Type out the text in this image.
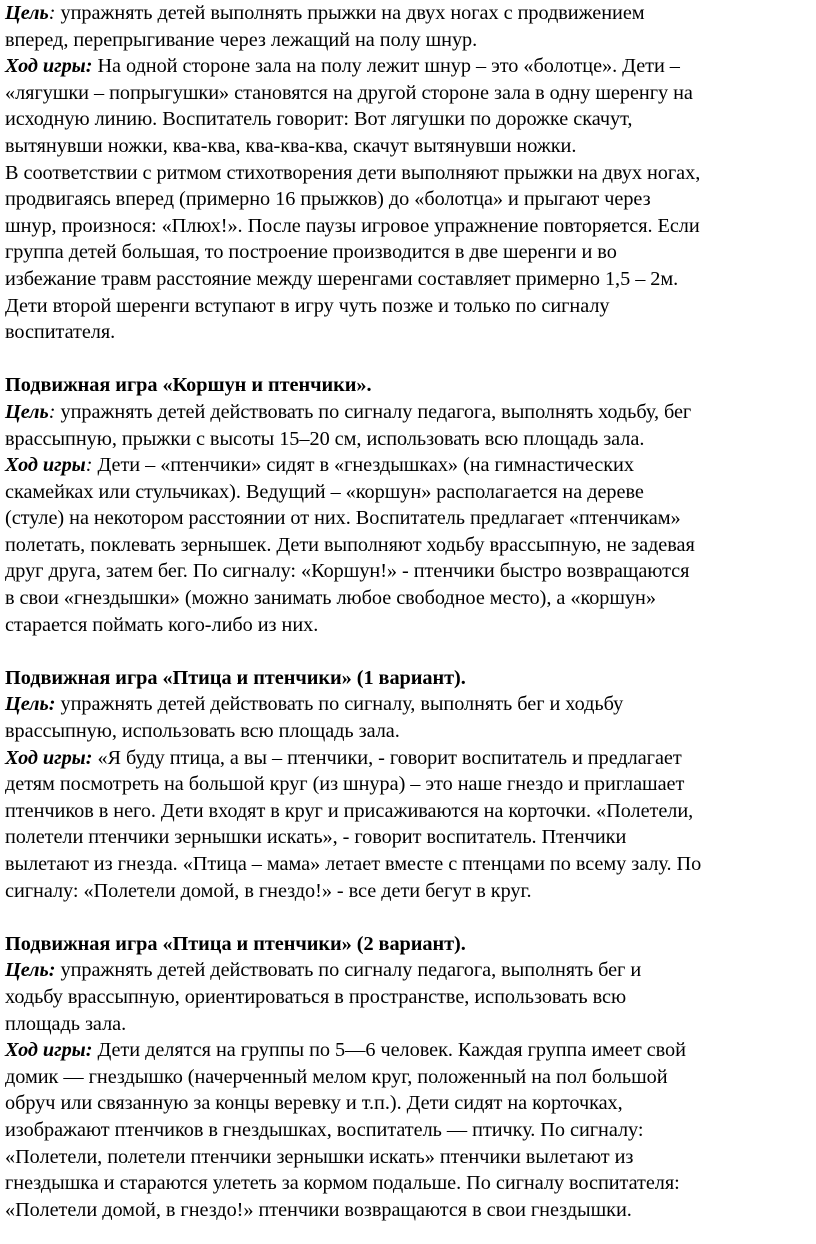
Цель: упражнять детей выполнять прыжки на двух ногах с продвижением
вперед, перепрыгивание через лежащий на полу шнур.
Ход игры: На одной стороне зала на полу лежит шнур – это «болотце». Дети –
«лягушки – попрыгушки» становятся на другой стороне зала в одну шеренгу на
исходную линию. Воспитатель говорит: Вот лягушки по дорожке скачут,
вытянувши ножки, ква-ква, ква-ква-ква, скачут вытянувши ножки.
В соответствии с ритмом стихотворения дети выполняют прыжки на двух ногах,
продвигаясь вперед (примерно 16 прыжков) до «болотца» и прыгают через
шнур, произнося: «Плюх!». После паузы игровое упражнение повторяется. Если
группа детей большая, то построение производится в две шеренги и во
избежание травм расстояние между шеренгами составляет примерно 1,5 – 2м.
Дети второй шеренги вступают в игру чуть позже и только по сигналу
воспитателя.
Подвижная игра «Коршун и птенчики».
Цель: упражнять детей действовать по сигналу педагога, выполнять ходьбу, бег
врассыпную, прыжки с высоты 15–20 см, использовать всю площадь зала.
Ход игры: Дети – «птенчики» сидят в «гнездышках» (на гимнастических
скамейках или стульчиках). Ведущий – «коршун» располагается на дереве
(стуле) на некотором расстоянии от них. Воспитатель предлагает «птенчикам»
полетать, поклевать зернышек. Дети выполняют ходьбу врассыпную, не задевая
друг друга, затем бег. По сигналу: «Коршун!» - птенчики быстро возвращаются
в свои «гнездышки» (можно занимать любое свободное место), а «коршун»
старается поймать кого-либо из них.
Подвижная игра «Птица и птенчики» (1 вариант).
Цель: упражнять детей действовать по сигналу, выполнять бег и ходьбу
врассыпную, использовать всю площадь зала.
Ход игры: «Я буду птица, а вы – птенчики, - говорит воспитатель и предлагает
детям посмотреть на большой круг (из шнура) – это наше гнездо и приглашает
птенчиков в него. Дети входят в круг и присаживаются на корточки. «Полетели,
полетели птенчики зернышки искать», - говорит воспитатель. Птенчики
вылетают из гнезда. «Птица – мама» летает вместе с птенцами по всему залу. По
сигналу: «Полетели домой, в гнездо!» - все дети бегут в круг.
Подвижная игра «Птица и птенчики» (2 вариант).
Цель: упражнять детей действовать по сигналу педагога, выполнять бег и
ходьбу врассыпную, ориентироваться в пространстве, использовать всю
площадь зала.
Ход игры: Дети делятся на группы по 5—6 человек. Каждая группа имеет свой
домик — гнездышко (начерченный мелом круг, положенный на пол большой
обруч или связанную за концы веревку и т.п.). Дети сидят на корточках,
изображают птенчиков в гнездышках, воспитатель — птичку. По сигналу:
«Полетели, полетели птенчики зернышки искать» птенчики вылетают из
гнездышка и стараются улететь за кормом подальше. По сигналу воспитателя:
«Полетели домой, в гнездо!» птенчики возвращаются в свои гнездышки.
